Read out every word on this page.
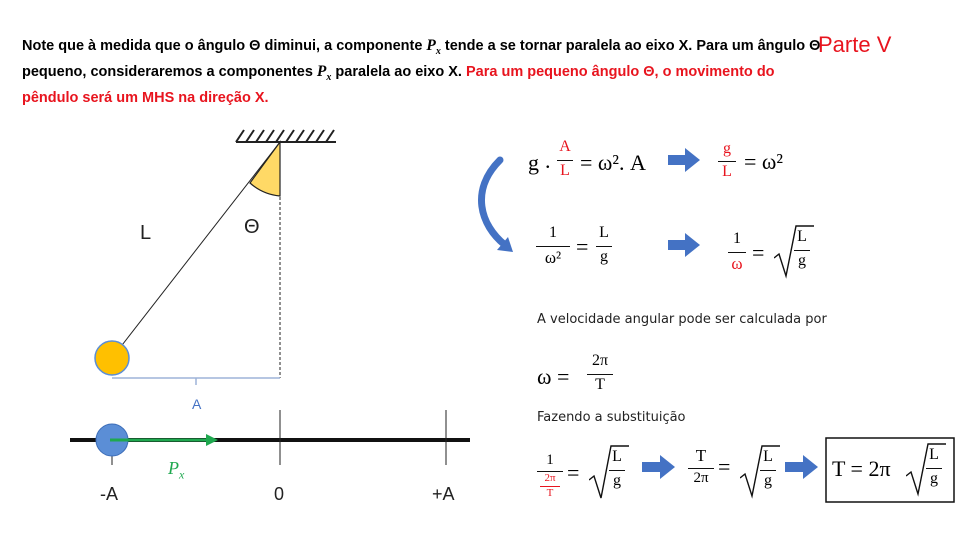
Note que à medida que o ângulo Θ diminui, a componente $P_x$ tende a se tornar paralela ao eixo X. Para um ângulo Θ pequeno, consideraremos a componentes $P_x$ paralela ao eixo X. Para um pequeno ângulo Θ, o movimento do pêndulo será um MHS na direção X.
Parte V
L	Θ
A
$P_x$
-A	0	+A
A velocidade angular pode ser calculada por
Fazendo a substituição
g .
A
L = ω². A
g
L = ω²
1
ω² =
L
g
1
ω =
L
g
ω =
2π
T
1
2π
T
=
L
g
T
2π = L
g	T = 2π
L
g
